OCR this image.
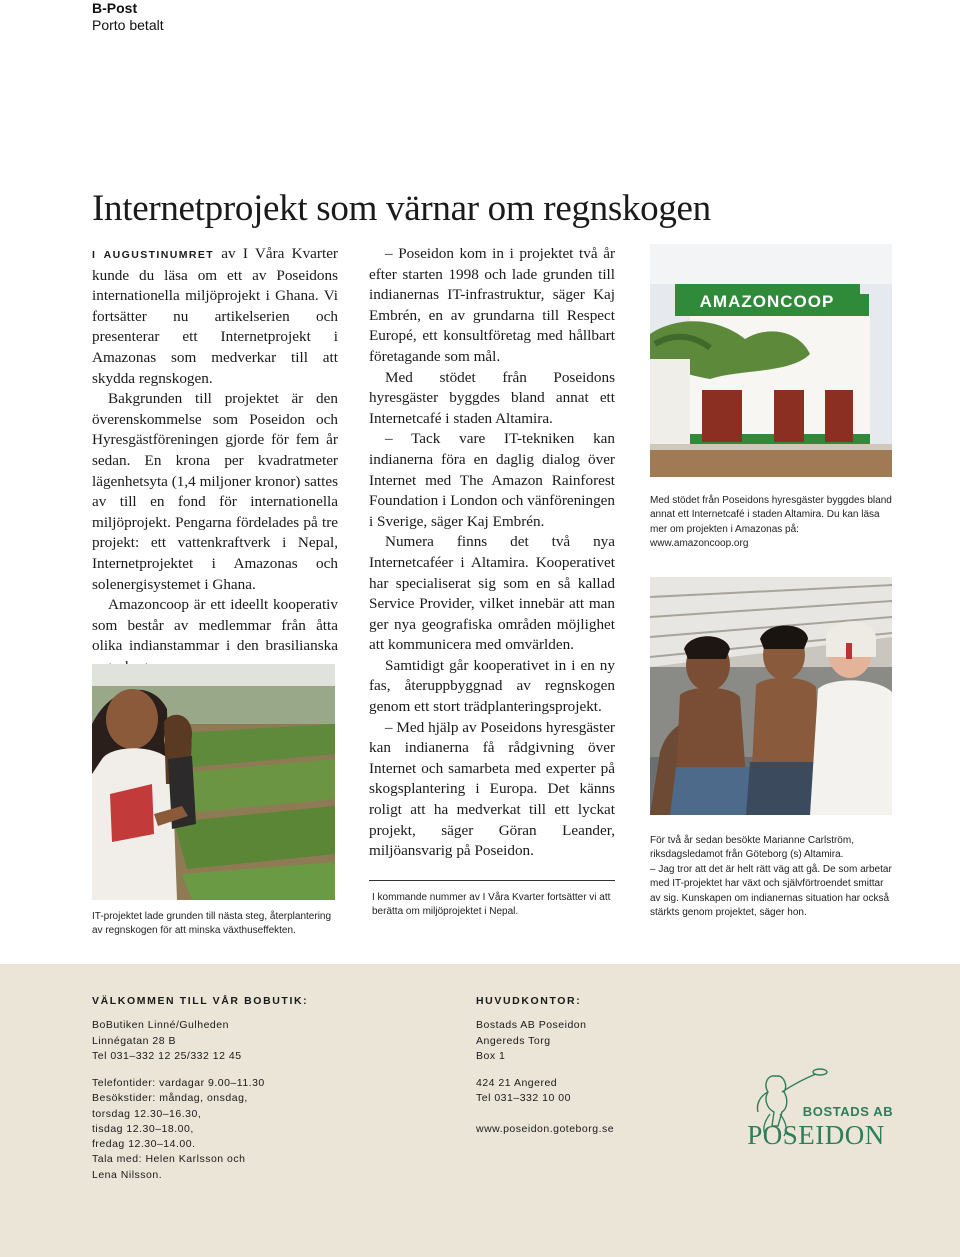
B-Post
Porto betalt
Internetprojekt som värnar om regnskogen

I AUGUSTINUMRET av I Våra Kvarter kunde du läsa om ett av Poseidons internationella miljöprojekt i Ghana. Vi fortsätter nu artikelserien och presenterar ett Internetprojekt i Amazonas som medverkar till att skydda regnskogen.

Bakgrunden till projektet är den överenskommelse som Poseidon och Hyresgästföreningen gjorde för fem år sedan. En krona per kvadratmeter lägenhetsyta (1,4 miljoner kronor) sattes av till en fond för internationella miljöprojekt. Pengarna fördelades på tre projekt: ett vattenkraftverk i Nepal, Internetprojektet i Amazonas och solenergisystemet i Ghana.

Amazoncoop är ett ideellt kooperativ som består av medlemmar från åtta olika indianstammar i den brasilianska

– Poseidon kom in i projektet två år efter starten 1998 och lade grunden till indianernas IT-infrastruktur, säger Kaj Embrén, en av grundarna till Respect Europé, ett konsultföretag med hållbart företagande som mål.

Med stödet från Poseidons hyresgäster byggdes bland annat ett Internetcafé i staden Altamira.

– Tack vare IT-tekniken kan indianerna föra en daglig dialog över Internet med The Amazon Rainforest Foundation i London och vänföreningen i Sverige, säger Kaj Embrén.

Numera finns det två nya Internetcaféer i Altamira. Kooperativet har specialiserat sig som en så kallad Service Provider, vilket innebär att man ger nya geografiska områden möjlighet att kommunicera med omvärlden.

Samtidigt går kooperativet in i en ny fas, återuppbyggnad av regnskogen genom ett stort trädplanteringsprojekt.

– Med hjälp av Poseidons hyresgäster kan indianerna få rådgivning över Internet och samarbeta med experter på skogsplantering i Europa. Det känns roligt att ha medverkat till ett lyckat projekt, säger Göran Leander, miljöansvarig på Poseidon.

IT-projektet lade grunden till nästa steg, återplantering av regnskogen för att minska växthuseffekten.
I kommande nummer av I Våra Kvarter fortsätter vi att berätta om miljöprojektet i Nepal.
AMAZONCOOP
Med stödet från Poseidons hyresgäster byggdes bland annat ett Internetcafé i staden Altamira. Du kan läsa mer om projekten i Amazonas på: www.amazoncoop.org
För två år sedan besökte Marianne Carlström, riksdagsledamot från Göteborg (s) Altamira.
– Jag tror att det är helt rätt väg att gå. De som arbetar med IT-projektet har växt och självförtroendet smittar av sig. Kunskapen om indianernas situation har också stärkts genom projektet, säger hon.
VÄLKOMMEN TILL VÅR BOBUTIK:
BoButiken Linné/Gulheden
Linnégatan 28 B
Tel 031–332 12 25/332 12 45
Telefontider: vardagar 9.00–11.30
Besökstider: måndag, onsdag,
torsdag 12.30–16.30,
tisdag 12.30–18.00,
fredag 12.30–14.00.
Tala med: Helen Karlsson och
Lena Nilsson.
HUVUDKONTOR:
Bostads AB Poseidon
Angereds Torg
Box 1
424 21 Angered
Tel 031–332 10 00
www.poseidon.goteborg.se
BOSTADS AB
POSEIDON
